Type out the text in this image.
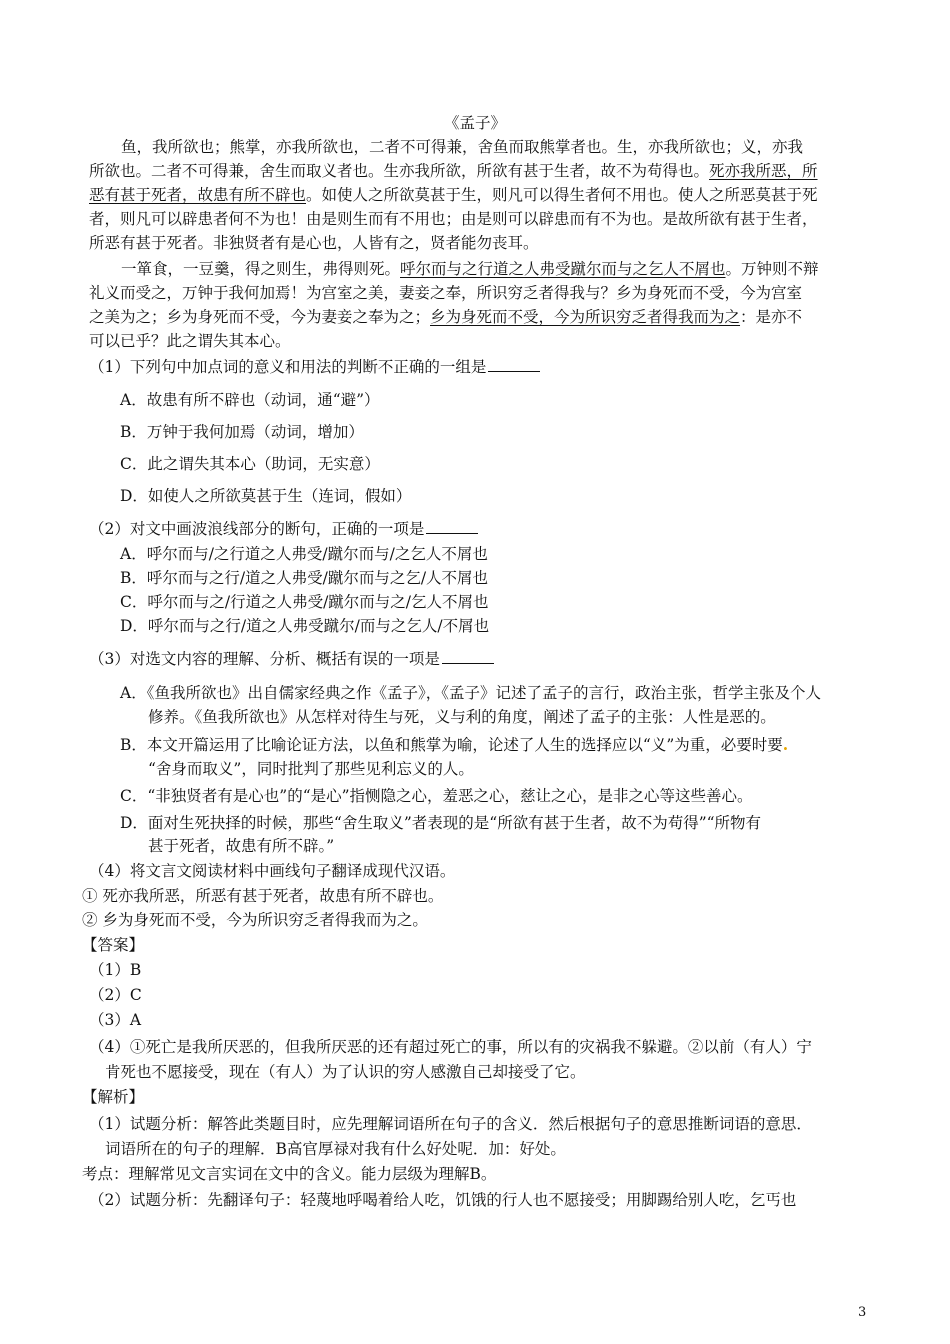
《孟子》
鱼，我所欲也；熊掌，亦我所欲也，二者不可得兼，舍鱼而取熊掌者也。生，亦我所欲也；义，亦我
所欲也。二者不可得兼，舍生而取义者也。生亦我所欲，所欲有甚于生者，故不为苟得也。死亦我所恶，所
恶有甚于死者，故患有所不辟也。如使人之所欲莫甚于生，则凡可以得生者何不用也。使人之所恶莫甚于死
者，则凡可以辟患者何不为也！由是则生而有不用也；由是则可以辟患而有不为也。是故所欲有甚于生者，
所恶有甚于死者。非独贤者有是心也，人皆有之，贤者能勿丧耳。
一箪食，一豆羹，得之则生，弗得则死。呼尔而与之行道之人弗受蹴尔而与之乞人不屑也。万钟则不辩
礼义而受之，万钟于我何加焉！为宫室之美，妻妾之奉，所识穷乏者得我与？乡为身死而不受，今为宫室
之美为之；乡为身死而不受，今为妻妾之奉为之；乡为身死而不受，今为所识穷乏者得我而为之：是亦不
可以已乎？此之谓失其本心。
（1）下列句中加点词的意义和用法的判断不正确的一组是
A．故患有所不辟也（动词，通“避”）
B．万钟于我何加焉（动词，增加）
C．此之谓失其本心（助词，无实意）
D．如使人之所欲莫甚于生（连词，假如）
（2）对文中画波浪线部分的断句，正确的一项是
A．呼尔而与/之行道之人弗受/蹴尔而与/之乞人不屑也
B．呼尔而与之行/道之人弗受/蹴尔而与之乞/人不屑也
C．呼尔而与之/行道之人弗受/蹴尔而与之/乞人不屑也
D．呼尔而与之行/道之人弗受蹴尔/而与之乞人/不屑也
（3）对选文内容的理解、分析、概括有误的一项是
A．《鱼我所欲也》出自儒家经典之作《孟子》，《孟子》记述了孟子的言行，政治主张，哲学主张及个人
修养。《鱼我所欲也》从怎样对待生与死，义与利的角度，阐述了孟子的主张：人性是恶的。
B．本文开篇运用了比喻论证方法，以鱼和熊掌为喻，论述了人生的选择应以“义”为重，必要时要.
“舍身而取义”，同时批判了那些见利忘义的人。
C．“非独贤者有是心也”的“是心”指恻隐之心，羞恶之心，慈让之心，是非之心等这些善心。
D．面对生死抉择的时候，那些“舍生取义”者表现的是“所欲有甚于生者，故不为苟得”“所物有
甚于死者，故患有所不辟。”
（4）将文言文阅读材料中画线句子翻译成现代汉语。
① 死亦我所恶，所恶有甚于死者，故患有所不辟也。
② 乡为身死而不受，今为所识穷乏者得我而为之。
【答案】
（1）B
（2）C
（3）A
（4）①死亡是我所厌恶的，但我所厌恶的还有超过死亡的事，所以有的灾祸我不躲避。②以前（有人）宁
肯死也不愿接受，现在（有人）为了认识的穷人感激自己却接受了它。
【解析】
（1）试题分析：解答此类题目时，应先理解词语所在句子的含义．然后根据句子的意思推断词语的意思．
词语所在的句子的理解．B高官厚禄对我有什么好处呢．加：好处。
考点：理解常见文言实词在文中的含义。能力层级为理解B。
（2）试题分析：先翻译句子：轻蔑地呼喝着给人吃，饥饿的行人也不愿接受；用脚踢给别人吃，乞丐也
3
